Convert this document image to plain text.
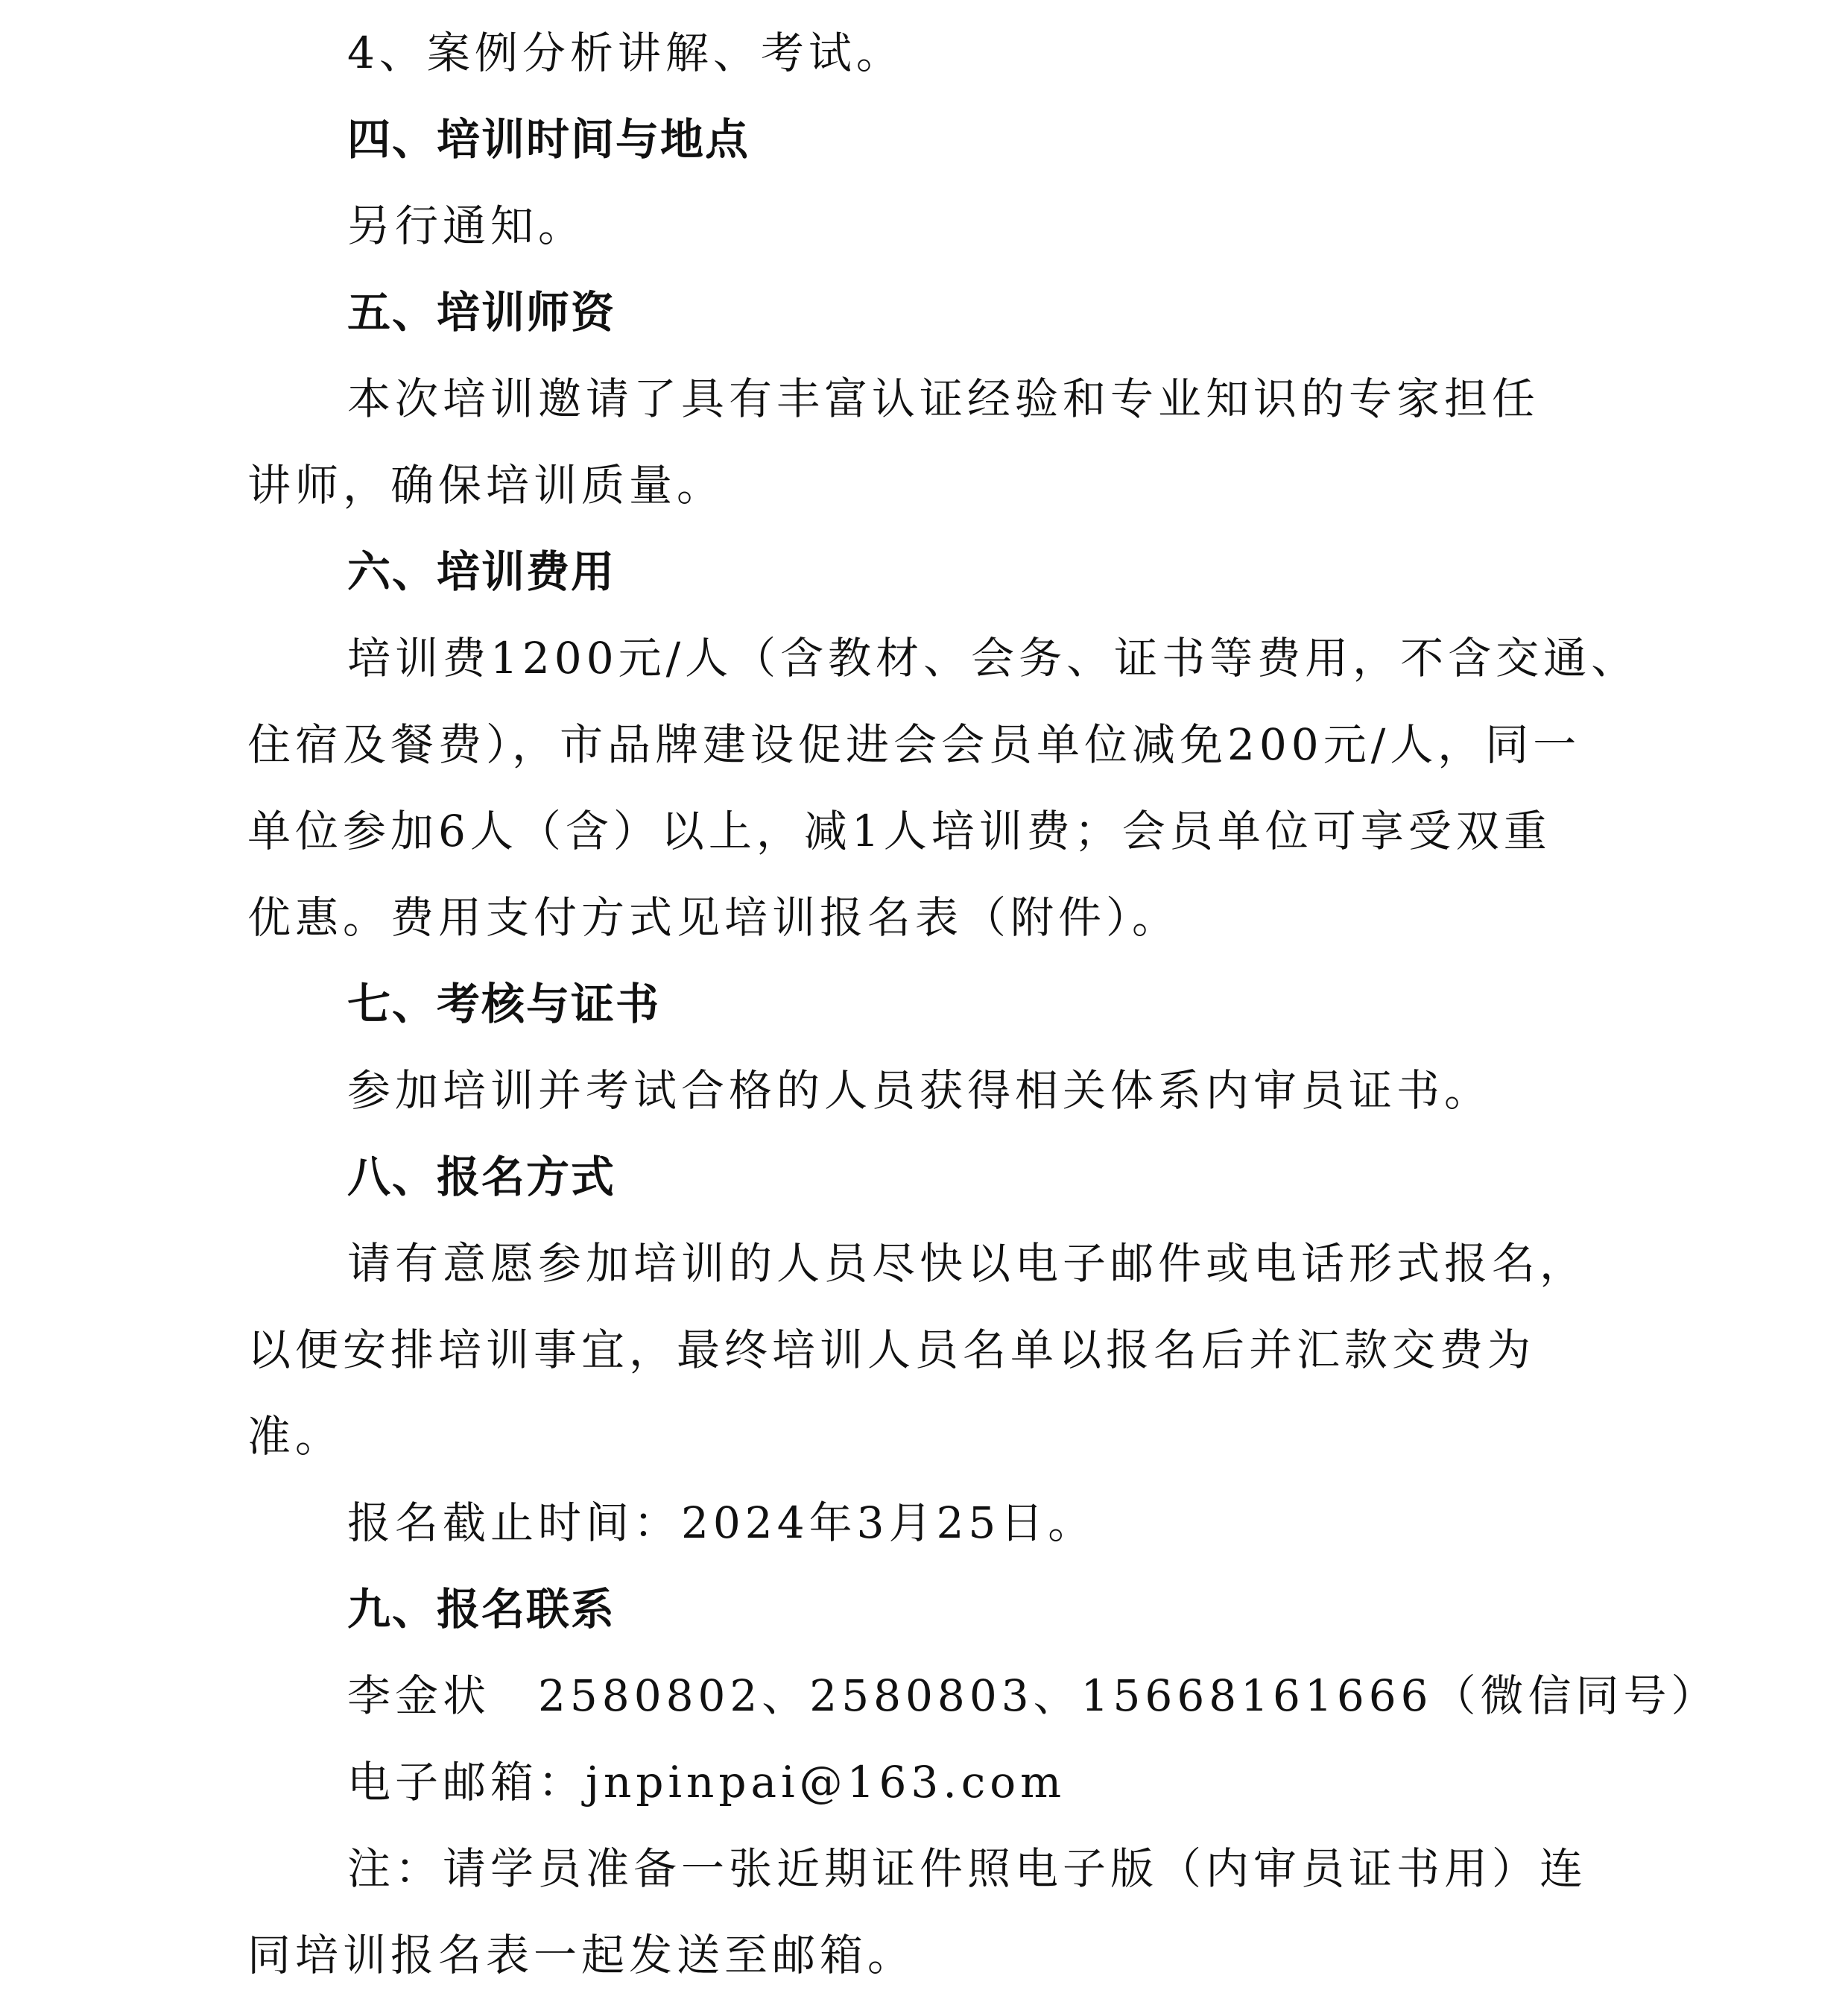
4、案例分析讲解、考试。
四、培训时间与地点
另行通知。
五、培训师资
本次培训邀请了具有丰富认证经验和专业知识的专家担任
讲师，确保培训质量。
六、培训费用
培训费1200元/人（含教材、会务、证书等费用，不含交通、
住宿及餐费），市品牌建设促进会会员单位减免200元/人，同一
单位参加6人（含）以上，减1人培训费；会员单位可享受双重
优惠。费用支付方式见培训报名表（附件）。
七、考核与证书
参加培训并考试合格的人员获得相关体系内审员证书。
八、报名方式
请有意愿参加培训的人员尽快以电子邮件或电话形式报名，
以便安排培训事宜，最终培训人员名单以报名后并汇款交费为
准。
报名截止时间：2024年3月25日。
九、报名联系
李金状　2580802、2580803、15668161666（微信同号）
电子邮箱：jnpinpai@163.com
注：请学员准备一张近期证件照电子版（内审员证书用）连
同培训报名表一起发送至邮箱。
